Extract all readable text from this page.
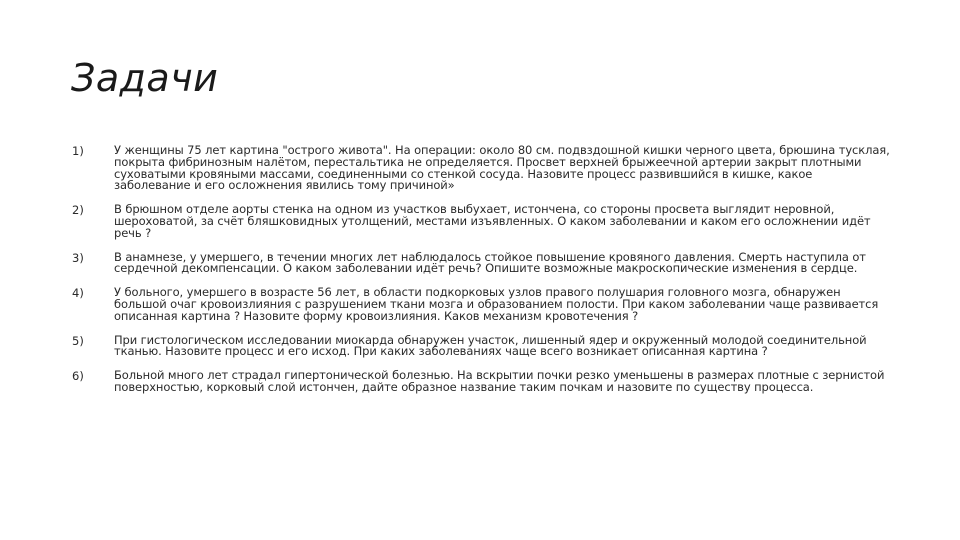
Задачи
1)	У женщины 75 лет картина "острого живота". На операции: около 80 см. подвздошной кишки черного цвета, брюшина тусклая, покрыта фибринозным налётом, перестальтика не определяется. Просвет верхней брыжеечной артерии закрыт плотными суховатыми кровяными массами, соединенными со стенкой сосуда. Назовите процесс развившийся в кишке, какое заболевание и его осложнения явились тому причиной»
2)	В брюшном отделе аорты стенка на одном из участков выбухает, истончена, со стороны просвета выглядит неровной, шероховатой, за счёт бляшковидных утолщений, местами изъявленных. О каком заболевании и каком его осложнении идёт речь ?
3)	В анамнезе, у умершего, в течении многих лет наблюдалось стойкое повышение кровяного давления. Смерть наступила от сердечной декомпенсации. О каком заболевании идёт речь? Опишите возможные макроскопические изменения в сердце.
4)	У больного, умершего в возрасте 56 лет, в области подкорковых узлов правого полушария головного мозга, обнаружен большой очаг кровоизлияния с разрушением ткани мозга и образованием полости. При каком заболевании чаще развивается описанная картина ? Назовите форму кровоизлияния. Каков механизм кровотечения ?
5)	При гистологическом исследовании миокарда обнаружен участок, лишенный ядер и окруженный молодой соединительной тканью. Назовите процесс и его исход. При каких заболеваниях чаще всего возникает описанная картина ?
6)	Больной много лет страдал гипертонической болезнью. На вскрытии почки резко уменьшены в размерах плотные с зернистой поверхностью, корковый слой истончен, дайте образное название таким почкам и назовите по существу процесса.
